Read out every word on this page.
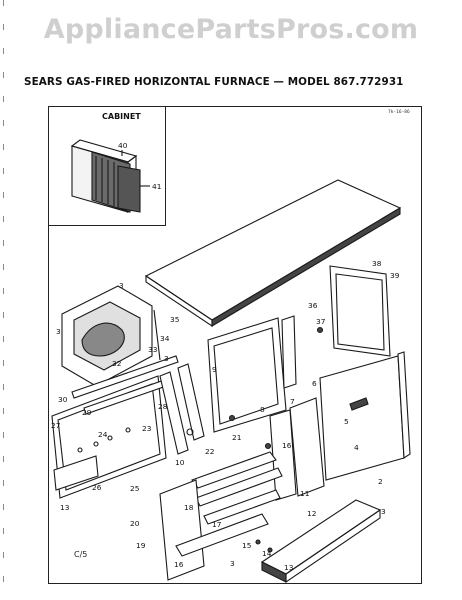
AppliancePartsPros.com
SEARS GAS-FIRED HORIZONTAL FURNACE — MODEL 867.772931
CABINET	7k-16-86
C/5
40
41
38
39
3
35
36
37
3
34
33
32
3
30
29
28
27
24
23
26	25
13
10
22
21
8
7
6
5
4
16
2
11
12	3
18
17
20
15
14
19
16	3	13
9
